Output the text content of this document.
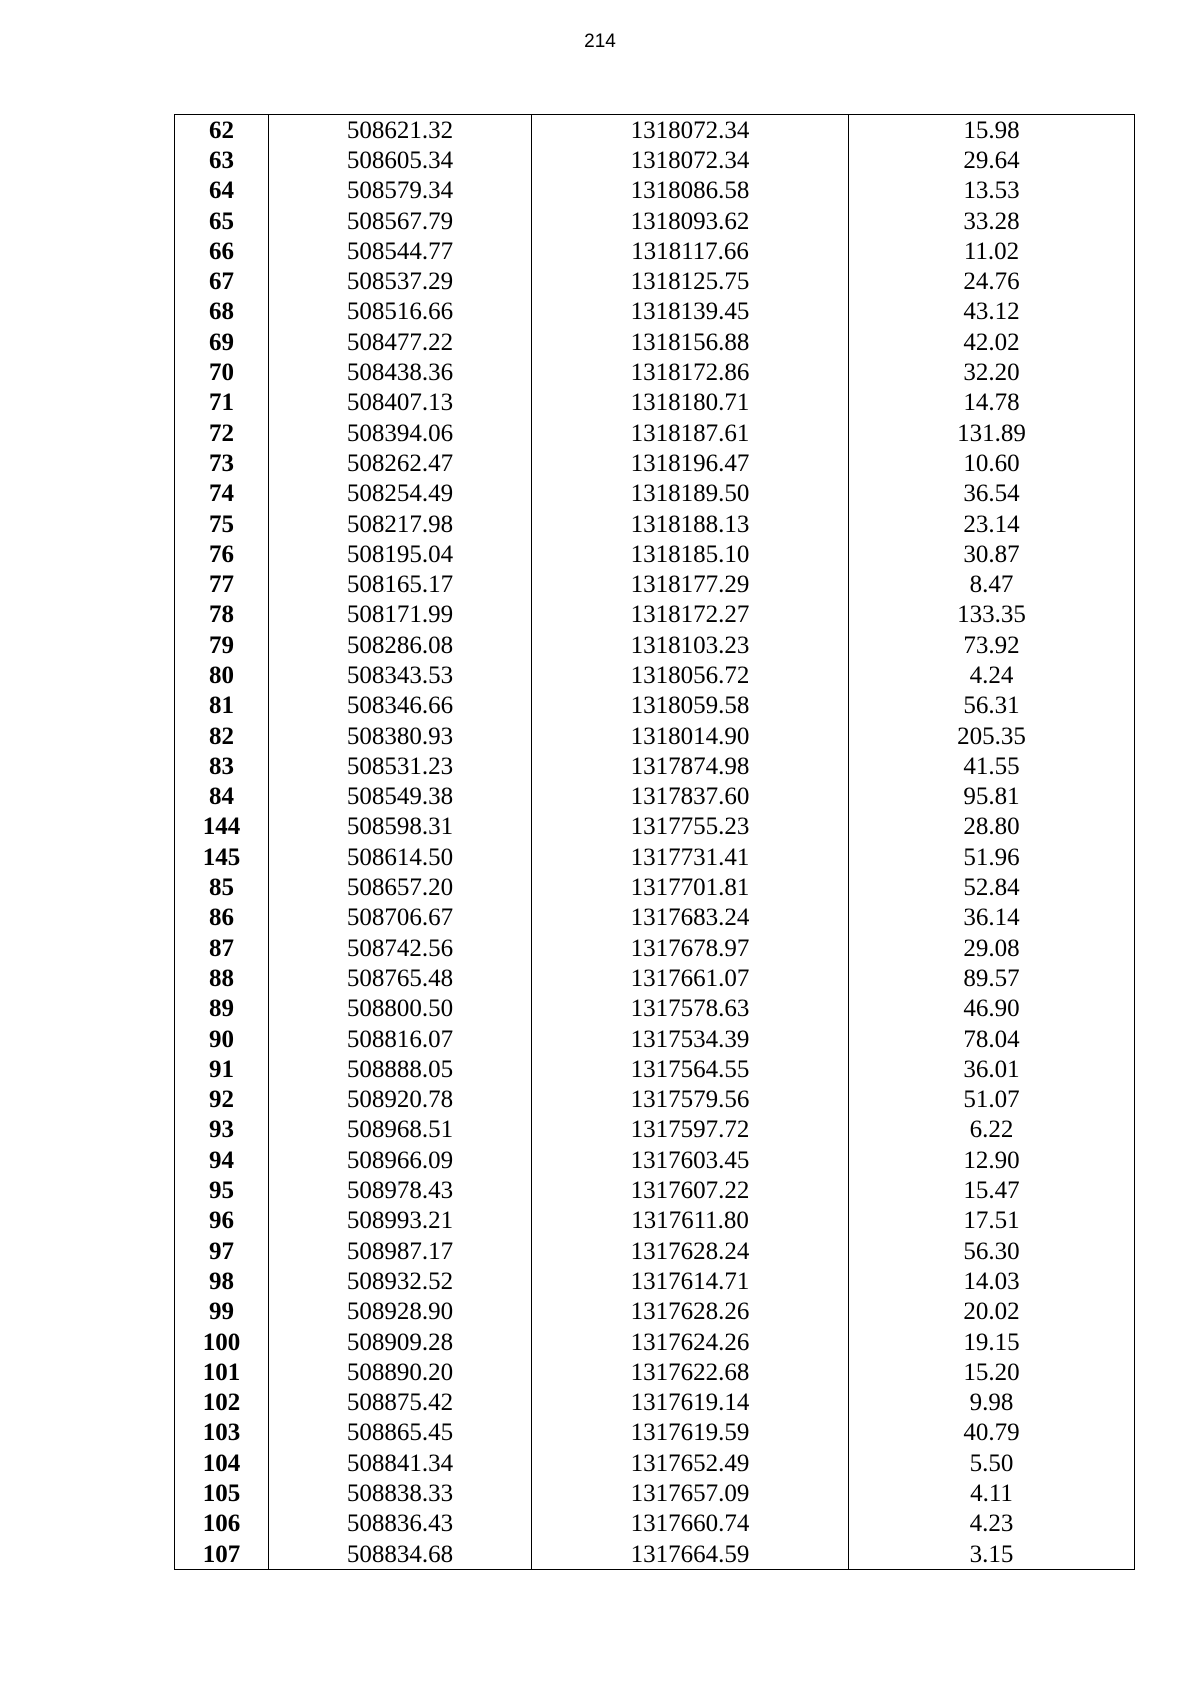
214
62	508621.32	1318072.34	15.98
63	508605.34	1318072.34	29.64
64	508579.34	1318086.58	13.53
65	508567.79	1318093.62	33.28
66	508544.77	1318117.66	11.02
67	508537.29	1318125.75	24.76
68	508516.66	1318139.45	43.12
69	508477.22	1318156.88	42.02
70	508438.36	1318172.86	32.20
71	508407.13	1318180.71	14.78
72	508394.06	1318187.61	131.89
73	508262.47	1318196.47	10.60
74	508254.49	1318189.50	36.54
75	508217.98	1318188.13	23.14
76	508195.04	1318185.10	30.87
77	508165.17	1318177.29	8.47
78	508171.99	1318172.27	133.35
79	508286.08	1318103.23	73.92
80	508343.53	1318056.72	4.24
81	508346.66	1318059.58	56.31
82	508380.93	1318014.90	205.35
83	508531.23	1317874.98	41.55
84	508549.38	1317837.60	95.81
144	508598.31	1317755.23	28.80
145	508614.50	1317731.41	51.96
85	508657.20	1317701.81	52.84
86	508706.67	1317683.24	36.14
87	508742.56	1317678.97	29.08
88	508765.48	1317661.07	89.57
89	508800.50	1317578.63	46.90
90	508816.07	1317534.39	78.04
91	508888.05	1317564.55	36.01
92	508920.78	1317579.56	51.07
93	508968.51	1317597.72	6.22
94	508966.09	1317603.45	12.90
95	508978.43	1317607.22	15.47
96	508993.21	1317611.80	17.51
97	508987.17	1317628.24	56.30
98	508932.52	1317614.71	14.03
99	508928.90	1317628.26	20.02
100	508909.28	1317624.26	19.15
101	508890.20	1317622.68	15.20
102	508875.42	1317619.14	9.98
103	508865.45	1317619.59	40.79
104	508841.34	1317652.49	5.50
105	508838.33	1317657.09	4.11
106	508836.43	1317660.74	4.23
107	508834.68	1317664.59	3.15
